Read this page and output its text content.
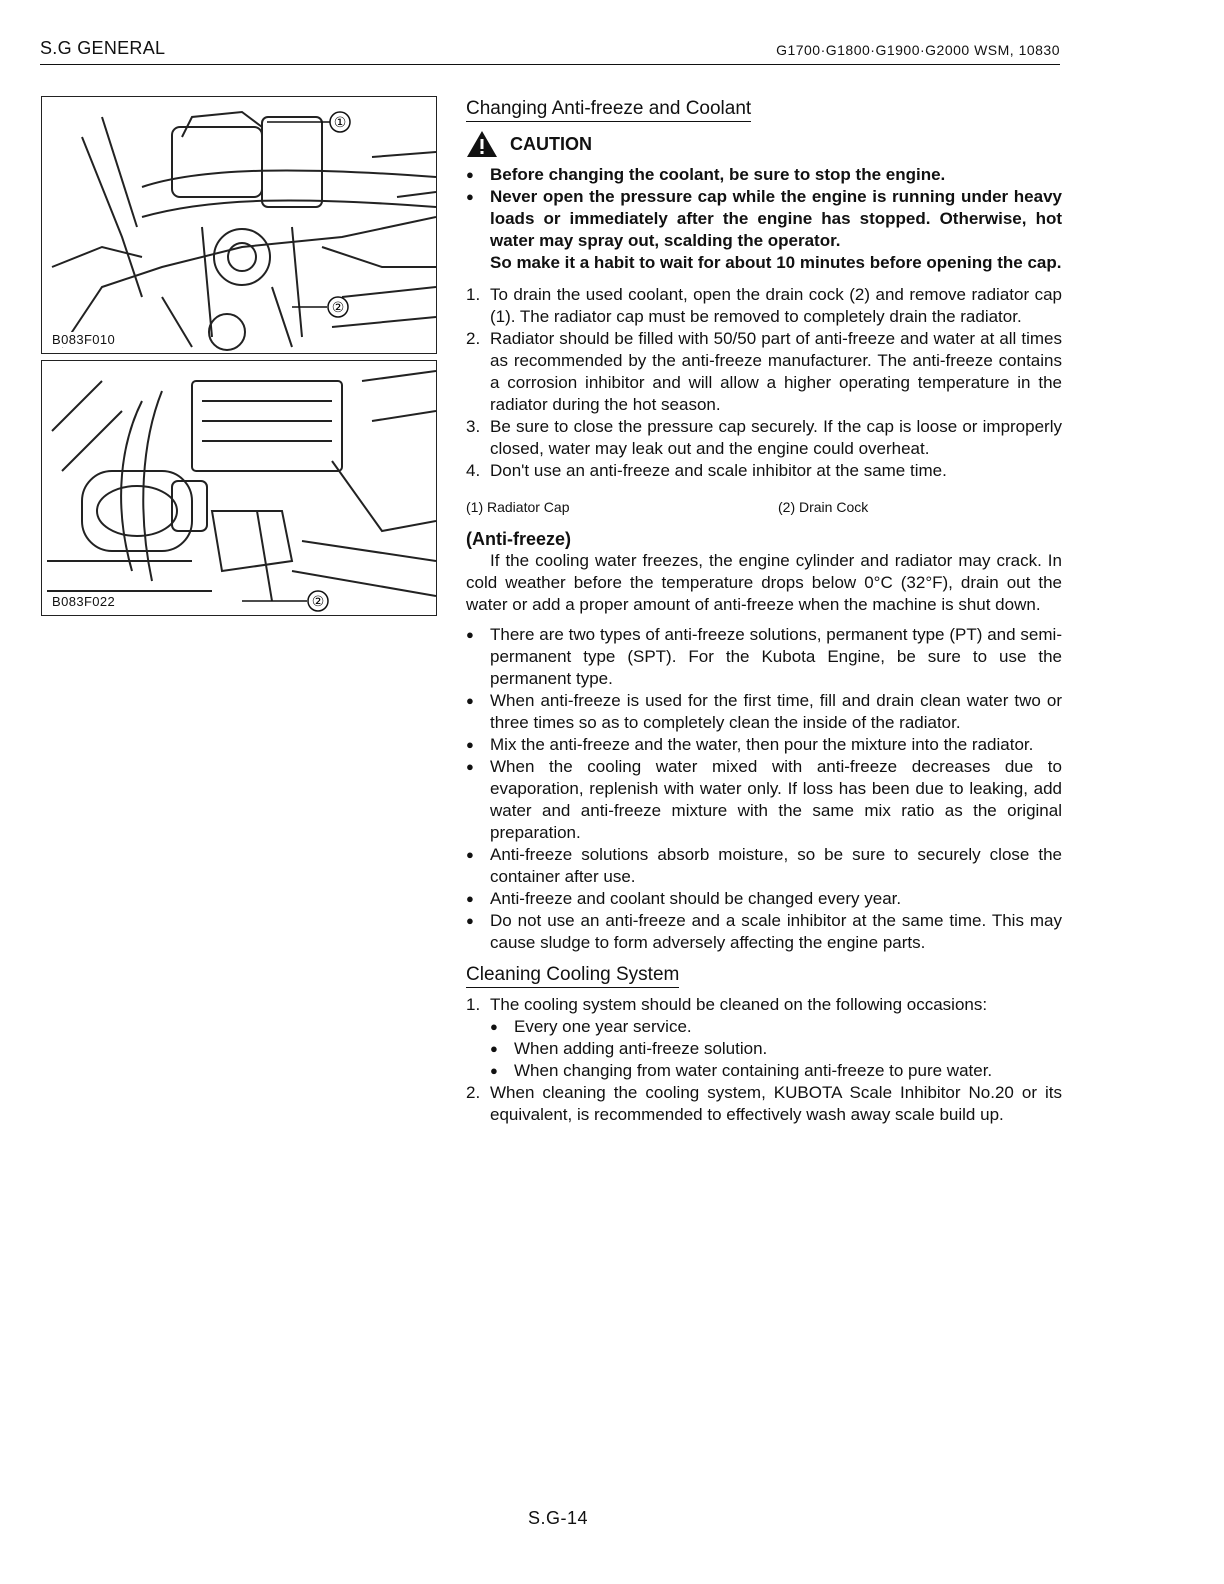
S.G GENERAL	G1700·G1800·G1900·G2000 WSM, 10830
①
②
B083F010
②
B083F022
Changing Anti-freeze and Coolant
CAUTION
● Before changing the coolant, be sure to stop the engine.
● Never open the pressure cap while the engine is running under heavy loads or immediately after the engine has stopped. Otherwise, hot water may spray out, scalding the operator.
So make it a habit to wait for about 10 minutes before opening the cap.
1. To drain the used coolant, open the drain cock (2) and remove radiator cap (1). The radiator cap must be removed to completely drain the radiator.
2. Radiator should be filled with 50/50 part of anti-freeze and water at all times as recommended by the anti-freeze manufacturer. The anti-freeze contains a corrosion inhibitor and will allow a higher operating temperature in the radiator during the hot season.
3. Be sure to close the pressure cap securely. If the cap is loose or improperly closed, water may leak out and the engine could overheat.
4. Don't use an anti-freeze and scale inhibitor at the same time.
(1) Radiator Cap	(2) Drain Cock
(Anti-freeze)
If the cooling water freezes, the engine cylinder and radiator may crack. In cold weather before the temperature drops below 0°C (32°F), drain out the water or add a proper amount of anti-freeze when the machine is shut down.
● There are two types of anti-freeze solutions, permanent type (PT) and semi-permanent type (SPT). For the Kubota Engine, be sure to use the permanent type.
● When anti-freeze is used for the first time, fill and drain clean water two or three times so as to completely clean the inside of the radiator.
● Mix the anti-freeze and the water, then pour the mixture into the radiator.
● When the cooling water mixed with anti-freeze decreases due to evaporation, replenish with water only. If loss has been due to leaking, add water and anti-freeze mixture with the same mix ratio as the original preparation.
● Anti-freeze solutions absorb moisture, so be sure to securely close the container after use.
● Anti-freeze and coolant should be changed every year.
● Do not use an anti-freeze and a scale inhibitor at the same time. This may cause sludge to form adversely affecting the engine parts.
Cleaning Cooling System
1. The cooling system should be cleaned on the following occasions:
● Every one year service.
● When adding anti-freeze solution.
● When changing from water containing anti-freeze to pure water.
2. When cleaning the cooling system, KUBOTA Scale Inhibitor No.20 or its equivalent, is recommended to effectively wash away scale build up.
S.G-14
